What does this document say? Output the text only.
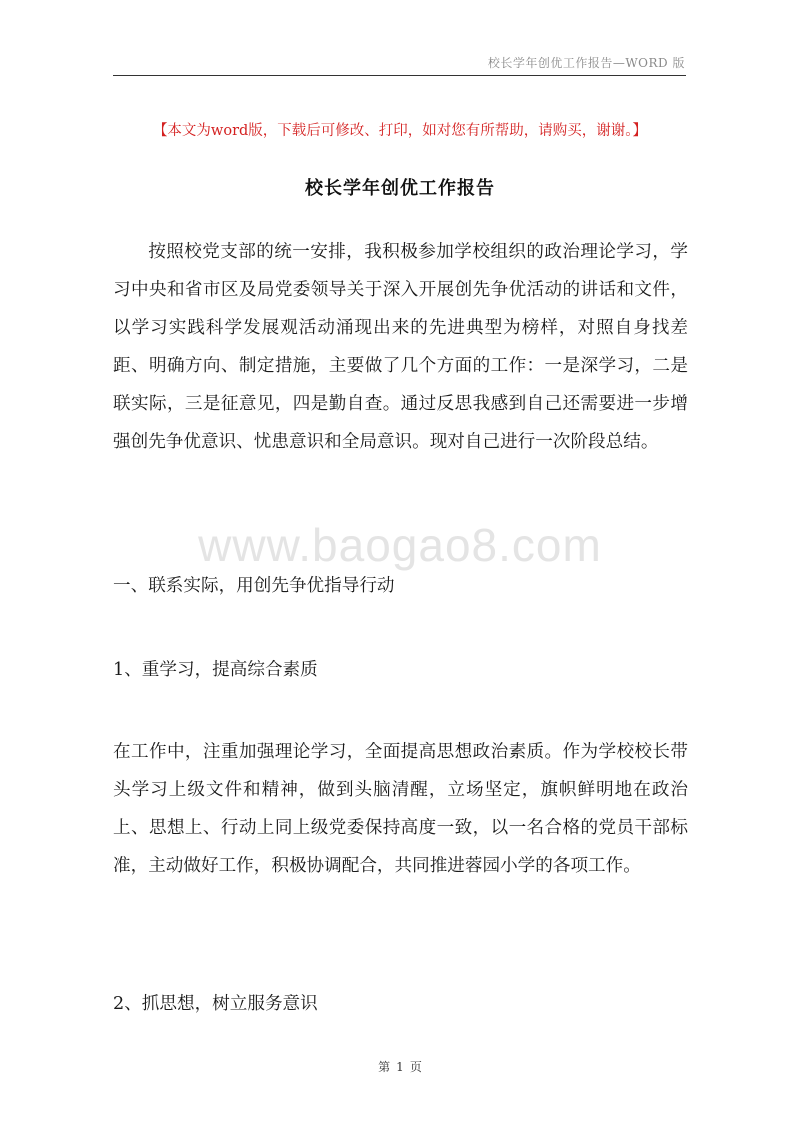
校长学年创优工作报告—WORD 版
【本文为word版，下载后可修改、打印，如对您有所帮助，请购买，谢谢。】
校长学年创优工作报告
按照校党支部的统一安排，我积极参加学校组织的政治理论学习，学习中央和省市区及局党委领导关于深入开展创先争优活动的讲话和文件，以学习实践科学发展观活动涌现出来的先进典型为榜样，对照自身找差距、明确方向、制定措施，主要做了几个方面的工作：一是深学习，二是联实际，三是征意见，四是勤自查。通过反思我感到自己还需要进一步增强创先争优意识、忧患意识和全局意识。现对自己进行一次阶段总结。
www.baogao8.com
一、联系实际，用创先争优指导行动
1、重学习，提高综合素质
在工作中，注重加强理论学习，全面提高思想政治素质。作为学校校长带头学习上级文件和精神，做到头脑清醒，立场坚定，旗帜鲜明地在政治上、思想上、行动上同上级党委保持高度一致，以一名合格的党员干部标准，主动做好工作，积极协调配合，共同推进蓉园小学的各项工作。
2、抓思想，树立服务意识
第 1 页
